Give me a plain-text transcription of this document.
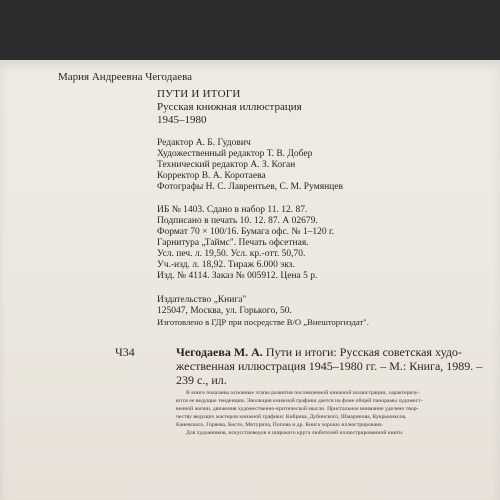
Мария Андреевна Чегодаева
ПУТИ И ИТОГИ
Русская книжная иллюстрация
1945–1980
Редактор А. Б. Гудович
Художественный редактор Т. В. Добер
Технический редактор А. З. Коган
Корректор В. А. Коротаева
Фотографы Н. С. Лаврентьев, С. М. Румянцев
ИБ № 1403. Сдано в набор 11. 12. 87.
Подписано в печать 10. 12. 87. А 02679.
Формат 70 × 100/16. Бумага офс. № 1–120 г.
Гарнитура „Таймс". Печать офсетная.
Усл. печ. л. 19,50. Усл. кр.-отт. 50,70.
Уч.-изд. л. 18,92. Тираж 6.000 экз.
Изд. № 4114. Заказ № 005912. Цена 5 р.
Издательство „Книга"
125047, Москва, ул. Горького, 50.
Изготовлено в ГДР при посредстве В/О „Внешторгиздат".
Ч34	Чегодаева М. А. Пути и итоги: Русская советская худо-
жественная иллюстрация 1945–1980 гг. – М.: Книга, 1989. –
239 с., ил.
В книге показаны основные этапы развития послевоенной книжной иллюстрации, характеризу-
ются ее ведущие тенденции. Эволюция книжной графики дается на фоне общей панорамы художест-
венной жизни, движения художественно-критической мысли. Пристальное внимание уделено твор-
честву ведущих мастеров книжной графики: Кибрика, Дубинского, Шмаринова, Кукрыниксов,
Каневского, Горяева, Бисти, Митурича, Попова и др. Книга хорошо иллюстрирована.
Для художников, искусствоведов и широкого круга любителей иллюстрированной книги.
